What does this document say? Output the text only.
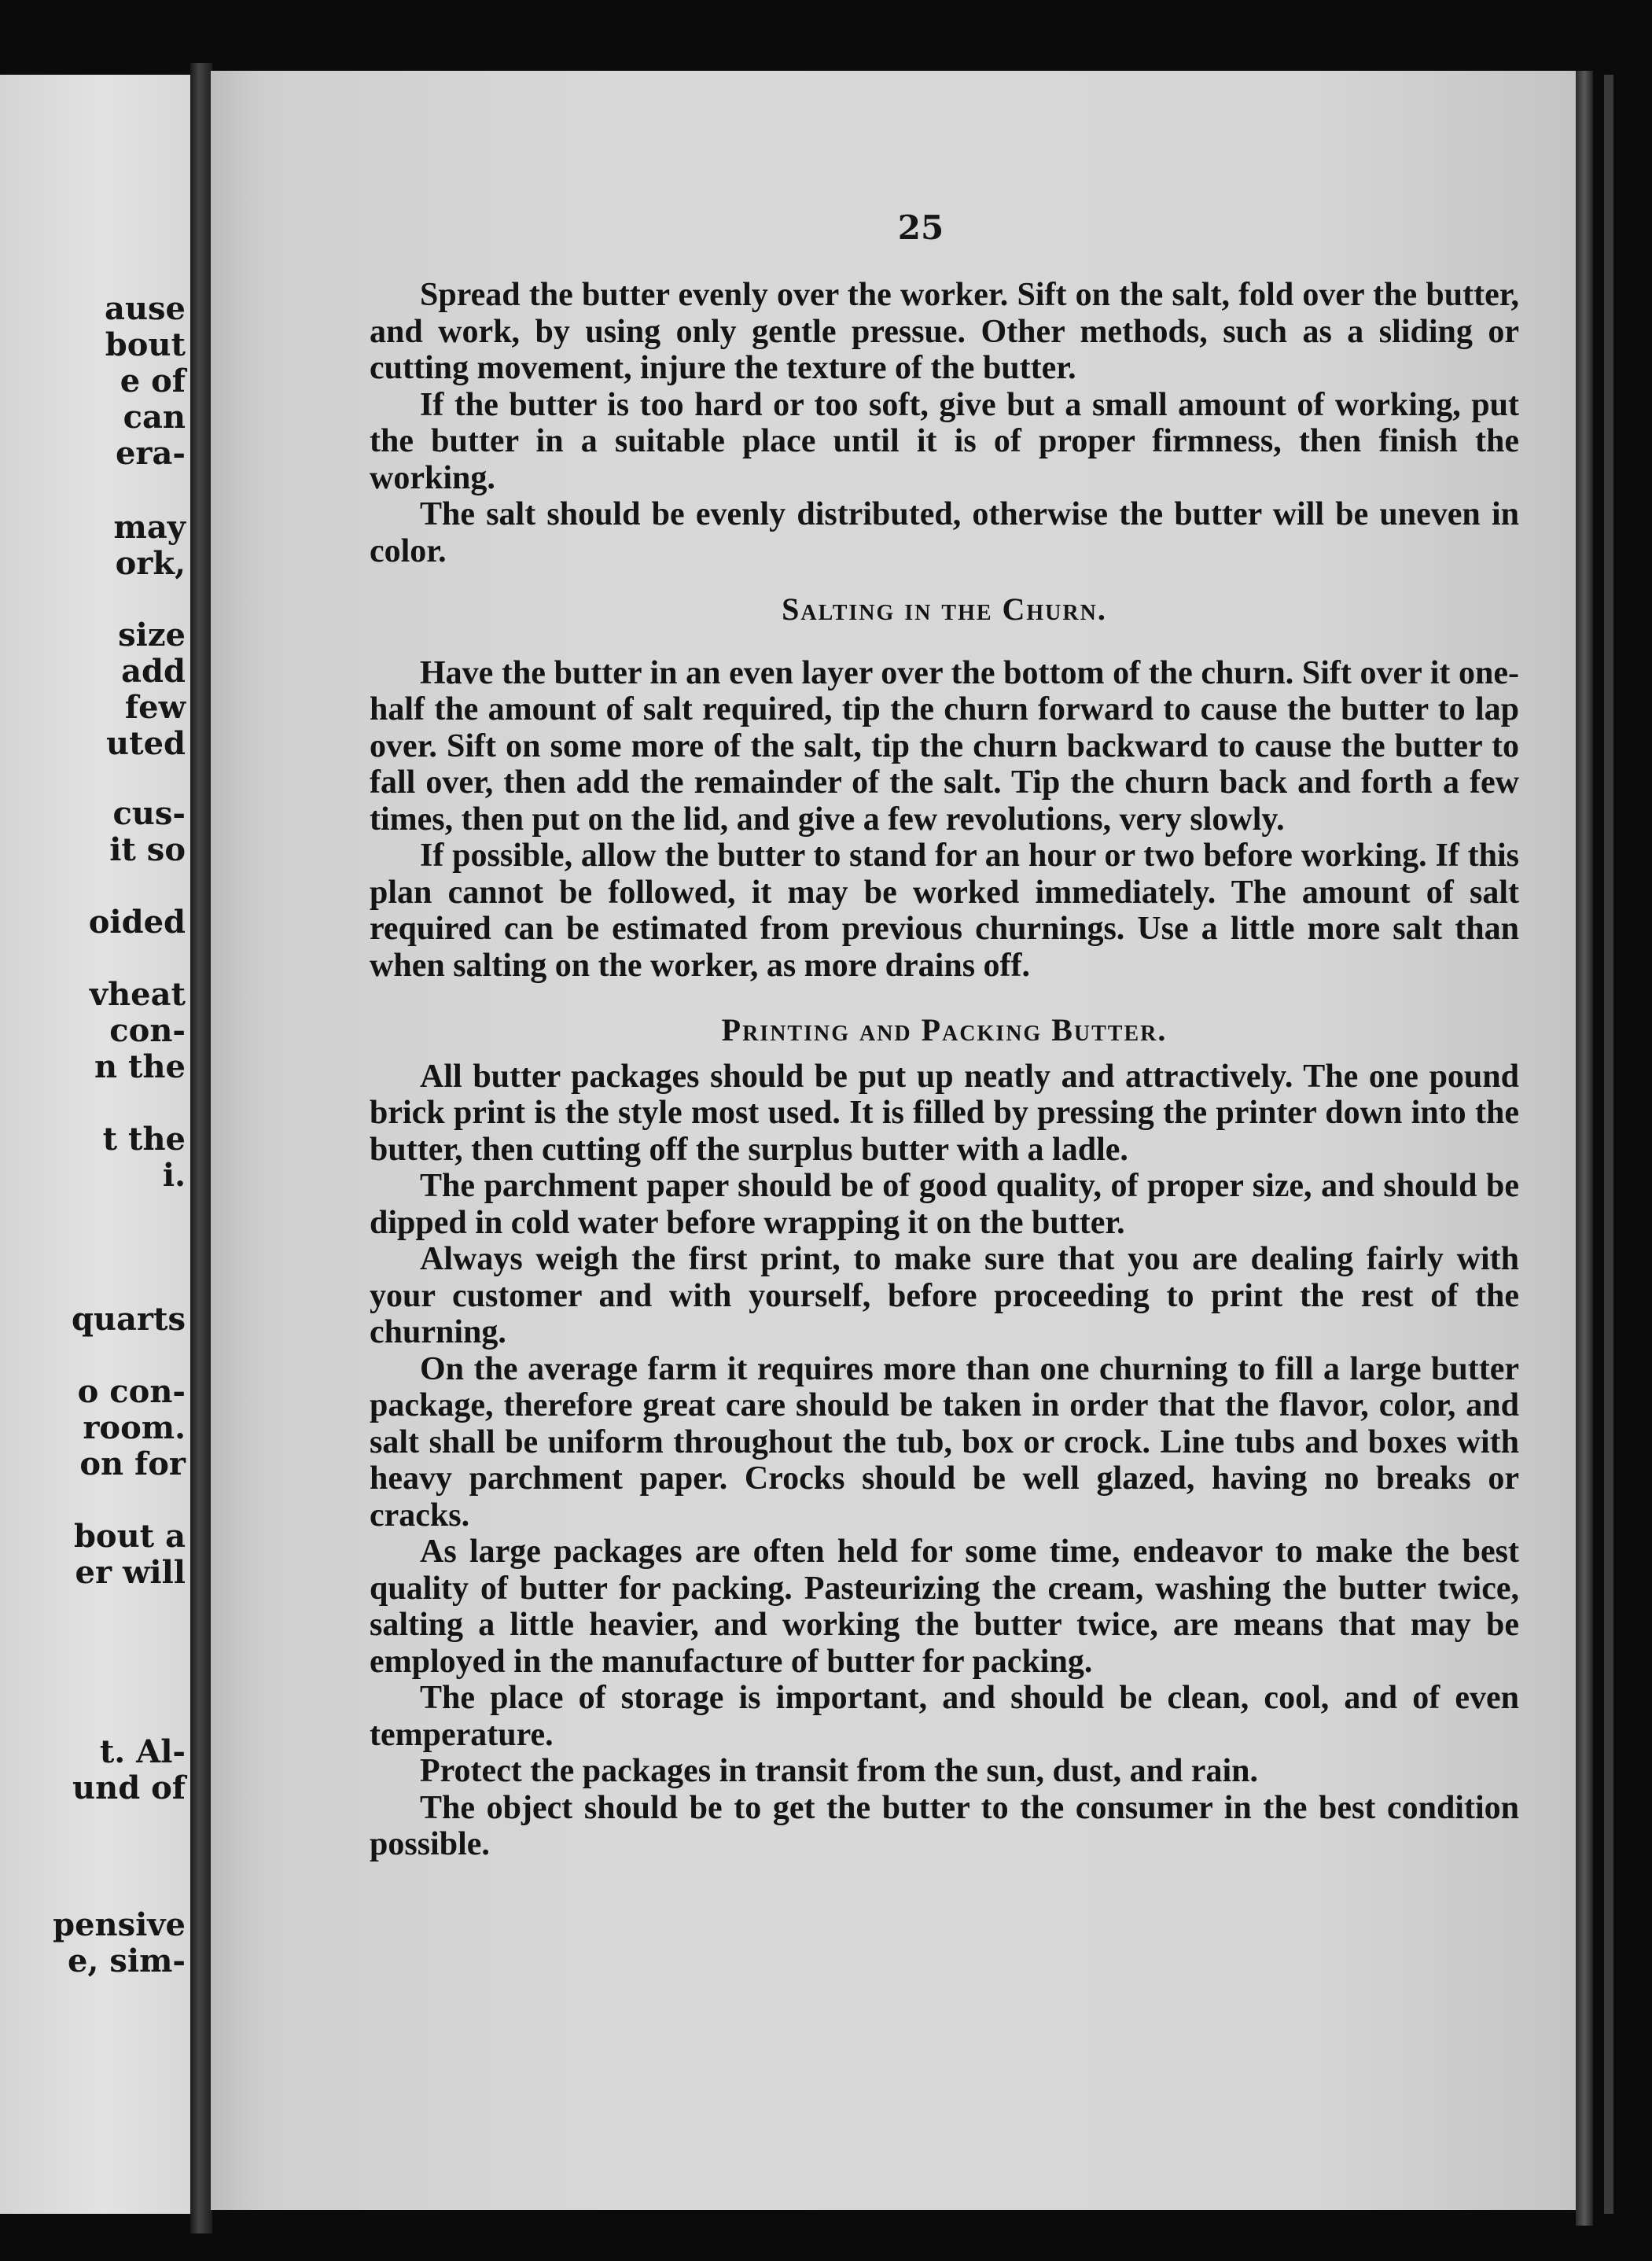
ause
bout
e of
can
era-
may
ork,
size
add
few
uted
cus-
it so
oided
vheat
con-
n the
t the
i.
quarts
o con-
room.
on for
bout a
er will
t. Al-
und of
pensive
e, sim-
25

Spread the butter evenly over the worker. Sift on the salt, fold over the butter, and work, by using only gentle pressue. Other methods, such as a sliding or cutting movement, injure the texture of the butter.

If the butter is too hard or too soft, give but a small amount of working, put the butter in a suitable place until it is of proper firmness, then finish the working.

The salt should be evenly distributed, otherwise the butter will be uneven in color.

Salting in the Churn.

Have the butter in an even layer over the bottom of the churn. Sift over it one-half the amount of salt required, tip the churn forward to cause the butter to lap over. Sift on some more of the salt, tip the churn backward to cause the butter to fall over, then add the remainder of the salt. Tip the churn back and forth a few times, then put on the lid, and give a few revolutions, very slowly.

If possible, allow the butter to stand for an hour or two before working. If this plan cannot be followed, it may be worked immediately. The amount of salt required can be estimated from previous churnings. Use a little more salt than when salting on the worker, as more drains off.

Printing and Packing Butter.

All butter packages should be put up neatly and attractively. The one pound brick print is the style most used. It is filled by pressing the printer down into the butter, then cutting off the surplus butter with a ladle.

The parchment paper should be of good quality, of proper size, and should be dipped in cold water before wrapping it on the butter.

Always weigh the first print, to make sure that you are dealing fairly with your customer and with yourself, before proceeding to print the rest of the churning.

On the average farm it requires more than one churning to fill a large butter package, therefore great care should be taken in order that the flavor, color, and salt shall be uniform throughout the tub, box or crock. Line tubs and boxes with heavy parchment paper. Crocks should be well glazed, having no breaks or cracks.

As large packages are often held for some time, endeavor to make the best quality of butter for packing. Pasteurizing the cream, washing the butter twice, salting a little heavier, and working the butter twice, are means that may be employed in the manufacture of butter for packing.

The place of storage is important, and should be clean, cool, and of even temperature.

Protect the packages in transit from the sun, dust, and rain.

The object should be to get the butter to the consumer in the best condition possible.
